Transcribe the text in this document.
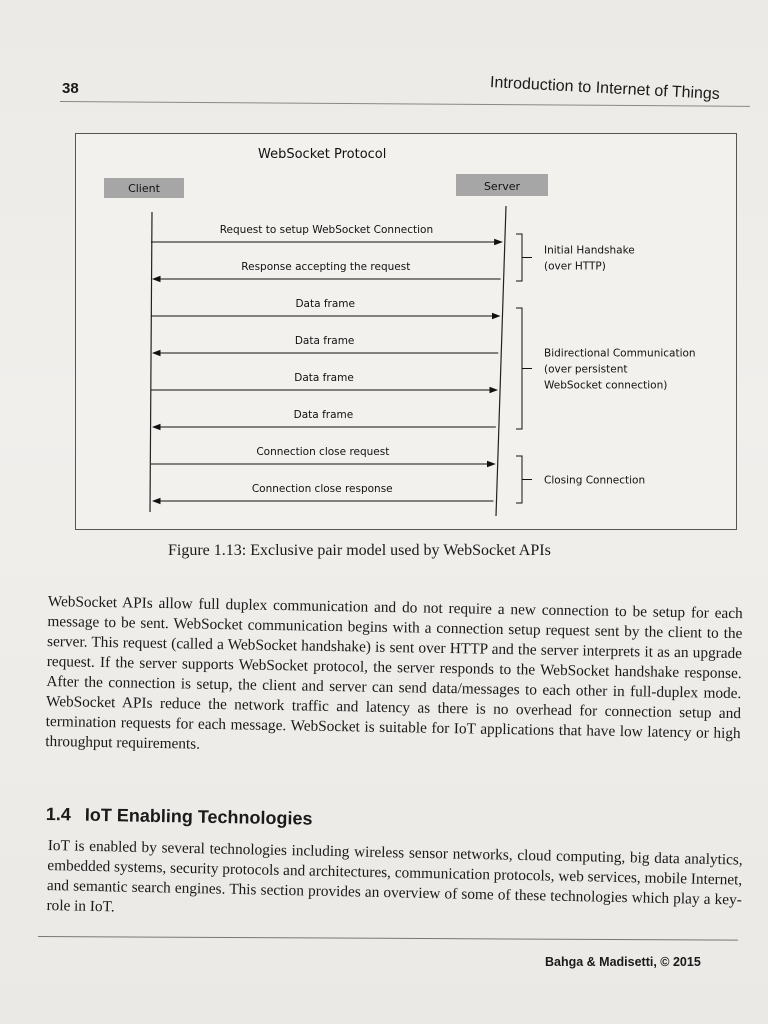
38	Introduction to Internet of Things
WebSocket Protocol
Client	Server
Request to setup WebSocket Connection
Response accepting the request
Data frame
Data frame
Data frame
Data frame
Connection close request
Connection close response
Initial Handshake
(over HTTP)
Bidirectional Communication
(over persistent
WebSocket connection)
Closing Connection
Figure 1.13: Exclusive pair model used by WebSocket APIs
WebSocket APIs allow full duplex communication and do not require a new connection to be setup for each message to be sent. WebSocket communication begins with a connection setup request sent by the client to the server. This request (called a WebSocket handshake) is sent over HTTP and the server interprets it as an upgrade request. If the server supports WebSocket protocol, the server responds to the WebSocket handshake response. After the connection is setup, the client and server can send data/messages to each other in full-duplex mode. WebSocket APIs reduce the network traffic and latency as there is no overhead for connection setup and termination requests for each message. WebSocket is suitable for IoT applications that have low latency or high throughput requirements.
1.4 IoT Enabling Technologies
IoT is enabled by several technologies including wireless sensor networks, cloud computing, big data analytics, embedded systems, security protocols and architectures, communication protocols, web services, mobile Internet, and semantic search engines. This section provides an overview of some of these technologies which play a key-role in IoT.
Bahga & Madisetti, © 2015
